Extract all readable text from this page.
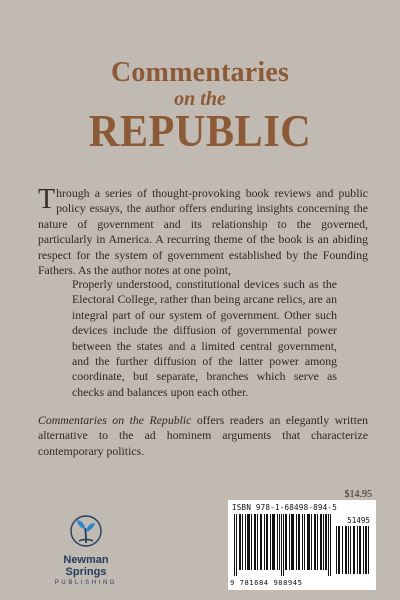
Commentaries
on the
REPUBLIC
Through a series of thought-provoking book reviews and public policy essays, the author offers enduring insights concerning the nature of government and its relationship to the governed, particularly in America. A recurring theme of the book is an abiding respect for the system of government established by the Founding Fathers. As the author notes at one point,
Properly understood, constitutional devices such as the Electoral College, rather than being arcane relics, are an integral part of our system of government. Other such devices include the diffusion of governmental power between the states and a limited central government, and the further diffusion of the latter power among coordinate, but separate, branches which serve as checks and balances upon each other.
Commentaries on the Republic offers readers an elegantly written alternative to the ad hominem arguments that characterize contemporary politics.
$14.95
ISBN 978-1-68498-894-5
51495
9 781684 988945
Newman Springs
PUBLISHING
